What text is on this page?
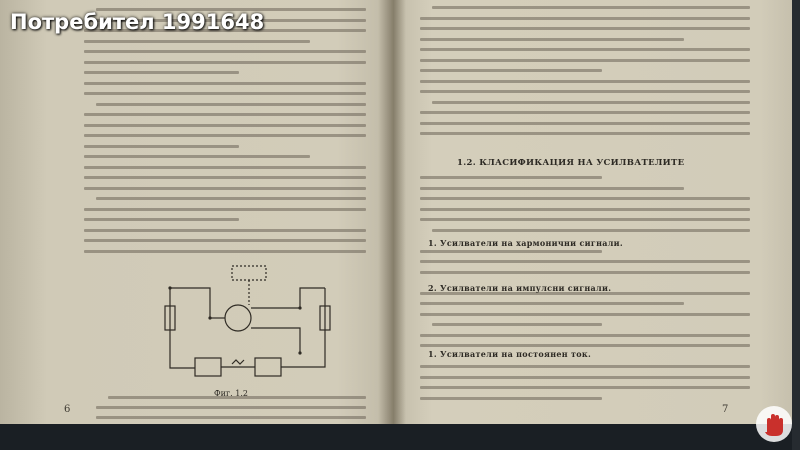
Фиг. 1.2
6
1.2. КЛАСИФИКАЦИЯ НА УСИЛВАТЕЛИТЕ
1. Усилватели на хармонични сигнали.
2. Усилватели на импулсни сигнали.
1. Усилватели на постоянен ток.
7
Потребител 1991648
